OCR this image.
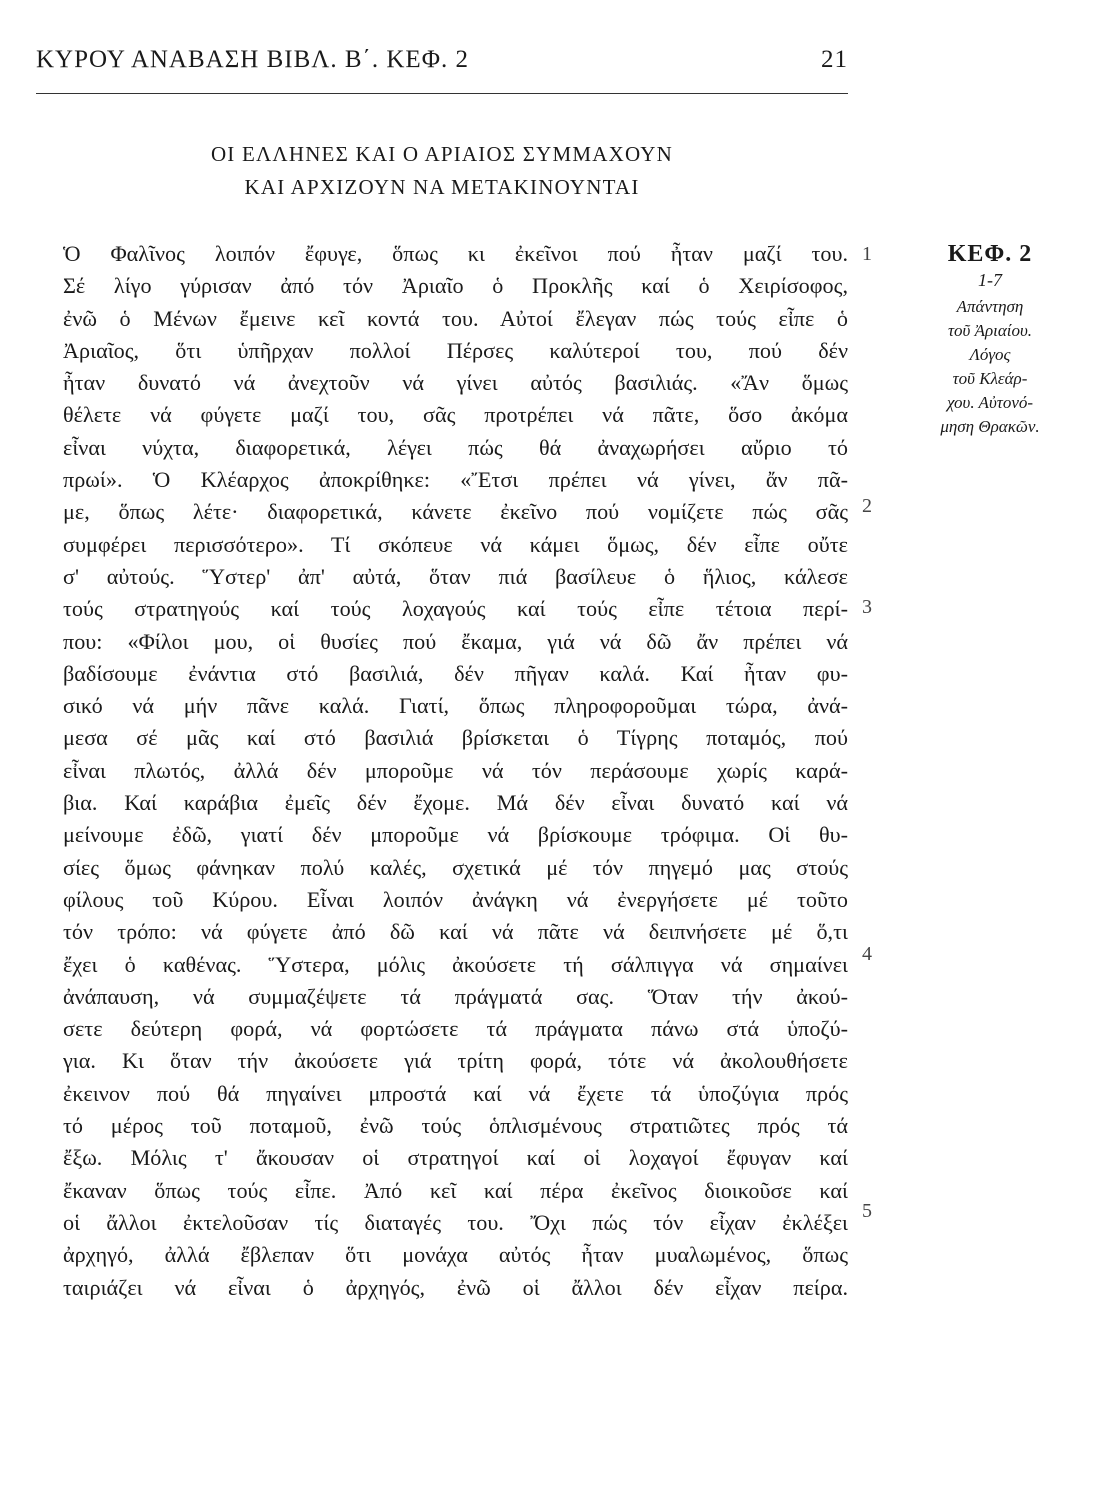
ΚΥΡΟΥ ΑΝΑΒΑΣΗ ΒΙΒΛ. Β΄. ΚΕΦ. 2	21
ΟΙ ΕΛΛΗΝΕΣ ΚΑΙ Ο ΑΡΙΑΙΟΣ ΣΥΜΜΑΧΟΥΝ
ΚΑΙ ΑΡΧΙΖΟΥΝ ΝΑ ΜΕΤΑΚΙΝΟΥΝΤΑΙ
Ὁ Φαλῖνος λοιπόν ἔφυγε, ὅπως κι ἐκεῖνοι πού ἦταν μαζί του.
Σέ λίγο γύρισαν ἀπό τόν Ἀριαῖο ὁ Προκλῆς καί ὁ Χειρίσοφος,
ἐνῶ ὁ Μένων ἔμεινε κεῖ κοντά του. Αὐτοί ἔλεγαν πώς τούς εἶπε ὁ
Ἀριαῖος, ὅτι ὑπῆρχαν πολλοί Πέρσες καλύτεροί του, πού δέν
ἦταν δυνατό νά ἀνεχτοῦν νά γίνει αὐτός βασιλιάς. «Ἄν ὅμως
θέλετε νά φύγετε μαζί του, σᾶς προτρέπει νά πᾶτε, ὅσο ἀκόμα
εἶναι νύχτα, διαφορετικά, λέγει πώς θά ἀναχωρήσει αὔριο τό
πρωί». Ὁ Κλέαρχος ἀποκρίθηκε: «Ἔτσι πρέπει νά γίνει, ἄν πᾶ-
με, ὅπως λέτε· διαφορετικά, κάνετε ἐκεῖνο πού νομίζετε πώς σᾶς
συμφέρει περισσότερο». Τί σκόπευε νά κάμει ὅμως, δέν εἶπε οὔτε
σ' αὐτούς. Ὕστερ' ἀπ' αὐτά, ὅταν πιά βασίλευε ὁ ἥλιος, κάλεσε
τούς στρατηγούς καί τούς λοχαγούς καί τούς εἶπε τέτοια περί-
που: «Φίλοι μου, οἱ θυσίες πού ἔκαμα, γιά νά δῶ ἄν πρέπει νά
βαδίσουμε ἐνάντια στό βασιλιά, δέν πῆγαν καλά. Καί ἦταν φυ-
σικό νά μήν πᾶνε καλά. Γιατί, ὅπως πληροφοροῦμαι τώρα, ἀνά-
μεσα σέ μᾶς καί στό βασιλιά βρίσκεται ὁ Τίγρης ποταμός, πού
εἶναι πλωτός, ἀλλά δέν μποροῦμε νά τόν περάσουμε χωρίς καρά-
βια. Καί καράβια ἐμεῖς δέν ἔχομε. Μά δέν εἶναι δυνατό καί νά
μείνουμε ἐδῶ, γιατί δέν μποροῦμε νά βρίσκουμε τρόφιμα. Οἱ θυ-
σίες ὅμως φάνηκαν πολύ καλές, σχετικά μέ τόν πηγεμό μας στούς
φίλους τοῦ Κύρου. Εἶναι λοιπόν ἀνάγκη νά ἐνεργήσετε μέ τοῦτο
τόν τρόπο: νά φύγετε ἀπό δῶ καί νά πᾶτε νά δειπνήσετε μέ ὅ,τι
ἔχει ὁ καθένας. Ὕστερα, μόλις ἀκούσετε τή σάλπιγγα νά σημαίνει
ἀνάπαυση, νά συμμαζέψετε τά πράγματά σας. Ὅταν τήν ἀκού-
σετε δεύτερη φορά, νά φορτώσετε τά πράγματα πάνω στά ὑποζύ-
για. Κι ὅταν τήν ἀκούσετε γιά τρίτη φορά, τότε νά ἀκολουθήσετε
ἐκεινον πού θά πηγαίνει μπροστά καί νά ἔχετε τά ὑποζύγια πρός
τό μέρος τοῦ ποταμοῦ, ἐνῶ τούς ὁπλισμένους στρατιῶτες πρός τά
ἔξω. Μόλις τ' ἄκουσαν οἱ στρατηγοί καί οἱ λοχαγοί ἔφυγαν καί
ἔκαναν ὅπως τούς εἶπε. Ἀπό κεῖ καί πέρα ἐκεῖνος διοικοῦσε καί
οἱ ἄλλοι ἐκτελοῦσαν τίς διαταγές του. Ὄχι πώς τόν εἶχαν ἐκλέξει
ἀρχηγό, ἀλλά ἔβλεπαν ὅτι μονάχα αὐτός ἦταν μυαλωμένος, ὅπως
ταιριάζει νά εἶναι ὁ ἀρχηγός, ἐνῶ οἱ ἄλλοι δέν εἶχαν πείρα.
1
2
3
4
5
ΚΕΦ. 2
1-7
Απάντηση
τοῦ Ἀριαίου.
Λόγος
τοῦ Κλεάρ-
χου. Αὐτονό-
μηση Θρακῶν.
